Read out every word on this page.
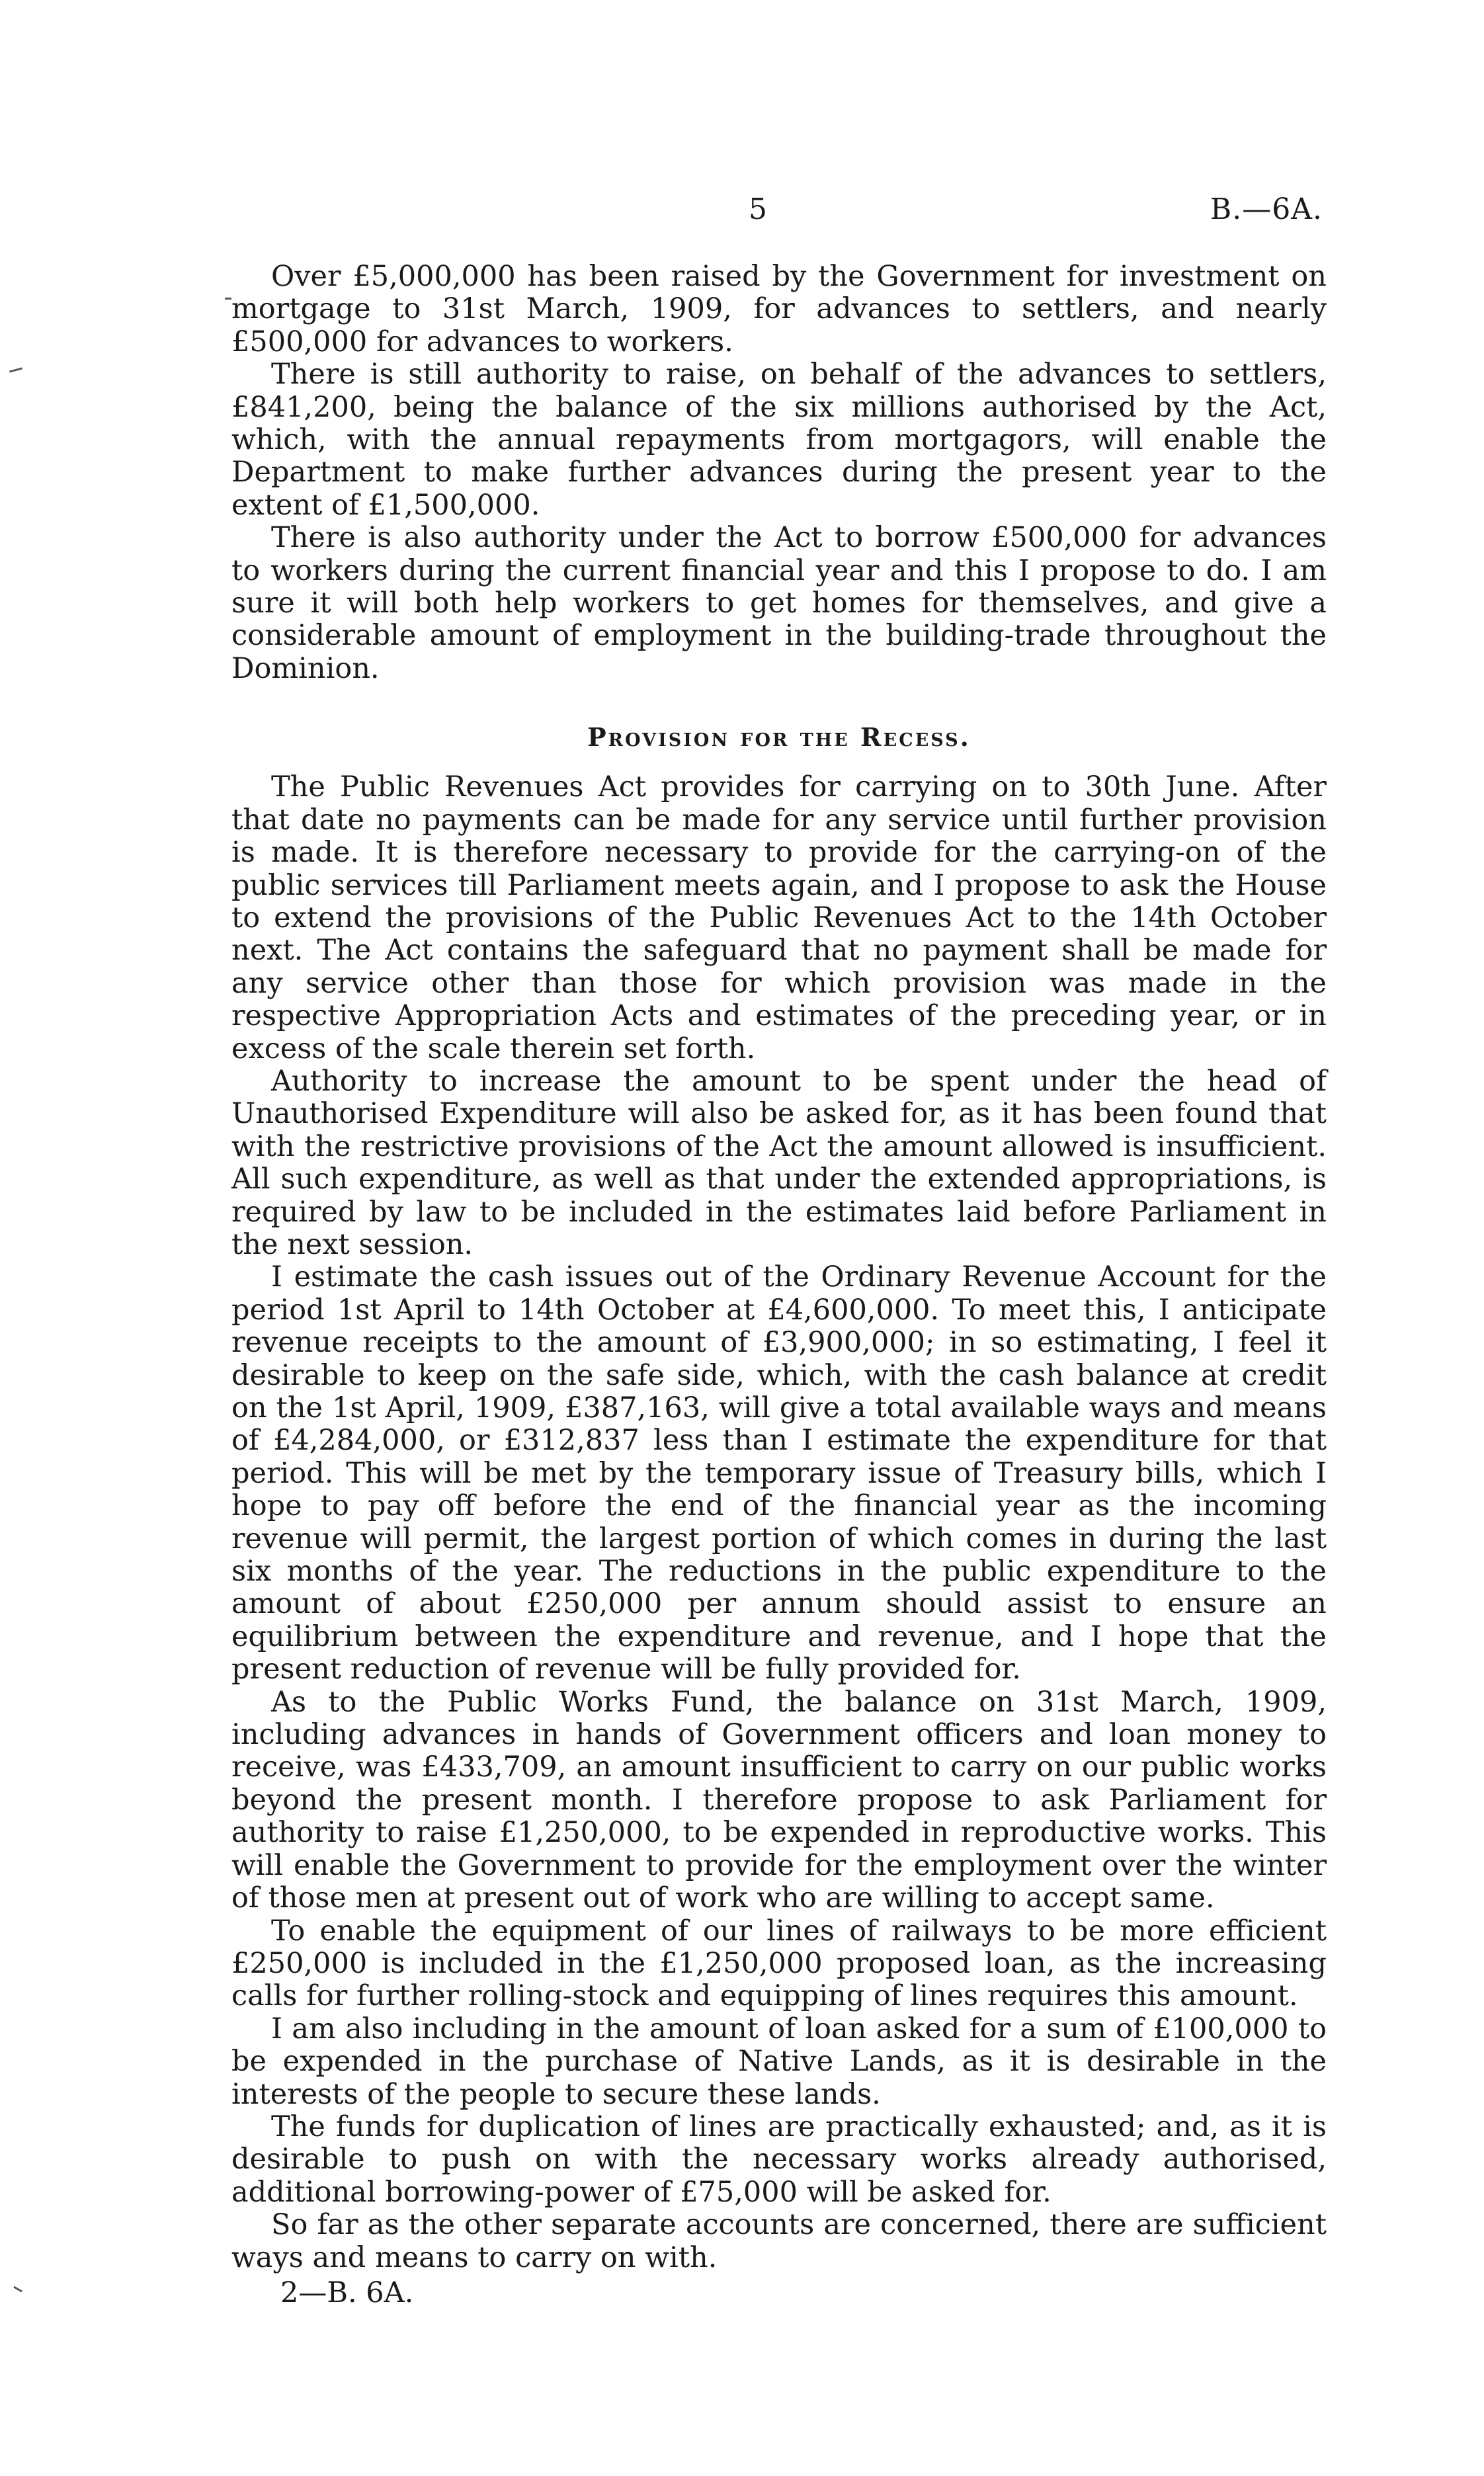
5	B.—6A.

Over £5,000,000 has been raised by the Government for investment on mortgage to 31st March, 1909, for advances to settlers, and nearly £500,000 for advances to workers.

There is still authority to raise, on behalf of the advances to settlers, £841,200, being the balance of the six millions authorised by the Act, which, with the annual repayments from mortgagors, will enable the Department to make further advances during the present year to the extent of £1,500,000.

There is also authority under the Act to borrow £500,000 for advances to workers during the current financial year and this I propose to do. I am sure it will both help workers to get homes for themselves, and give a considerable amount of employment in the building-trade throughout the Dominion.

Provision for the Recess.

The Public Revenues Act provides for carrying on to 30th June. After that date no payments can be made for any service until further provision is made. It is therefore necessary to provide for the carrying-on of the public services till Parliament meets again, and I propose to ask the House to extend the provisions of the Public Revenues Act to the 14th October next. The Act contains the safeguard that no payment shall be made for any service other than those for which provision was made in the respective Appropriation Acts and estimates of the preceding year, or in excess of the scale therein set forth.

Authority to increase the amount to be spent under the head of Unauthorised Expenditure will also be asked for, as it has been found that with the restrictive provisions of the Act the amount allowed is insufficient. All such expenditure, as well as that under the extended appropriations, is required by law to be included in the estimates laid before Parliament in the next session.

I estimate the cash issues out of the Ordinary Revenue Account for the period 1st April to 14th October at £4,600,000. To meet this, I anticipate revenue receipts to the amount of £3,900,000; in so estimating, I feel it desirable to keep on the safe side, which, with the cash balance at credit on the 1st April, 1909, £387,163, will give a total available ways and means of £4,284,000, or £312,837 less than I estimate the expenditure for that period. This will be met by the temporary issue of Treasury bills, which I hope to pay off before the end of the financial year as the incoming revenue will permit, the largest portion of which comes in during the last six months of the year. The reductions in the public expenditure to the amount of about £250,000 per annum should assist to ensure an equilibrium between the expenditure and revenue, and I hope that the present reduction of revenue will be fully provided for.

As to the Public Works Fund, the balance on 31st March, 1909, including advances in hands of Government officers and loan money to receive, was £433,709, an amount insufficient to carry on our public works beyond the present month. I therefore propose to ask Parliament for authority to raise £1,250,000, to be expended in reproductive works. This will enable the Government to provide for the employment over the winter of those men at present out of work who are willing to accept same.

To enable the equipment of our lines of railways to be more efficient £250,000 is included in the £1,250,000 proposed loan, as the increasing calls for further rolling-stock and equipping of lines requires this amount.

I am also including in the amount of loan asked for a sum of £100,000 to be expended in the purchase of Native Lands, as it is desirable in the interests of the people to secure these lands.

The funds for duplication of lines are practically exhausted; and, as it is desirable to push on with the necessary works already authorised, additional borrowing-power of £75,000 will be asked for.

So far as the other separate accounts are concerned, there are sufficient ways and means to carry on with.

2—B. 6A.
